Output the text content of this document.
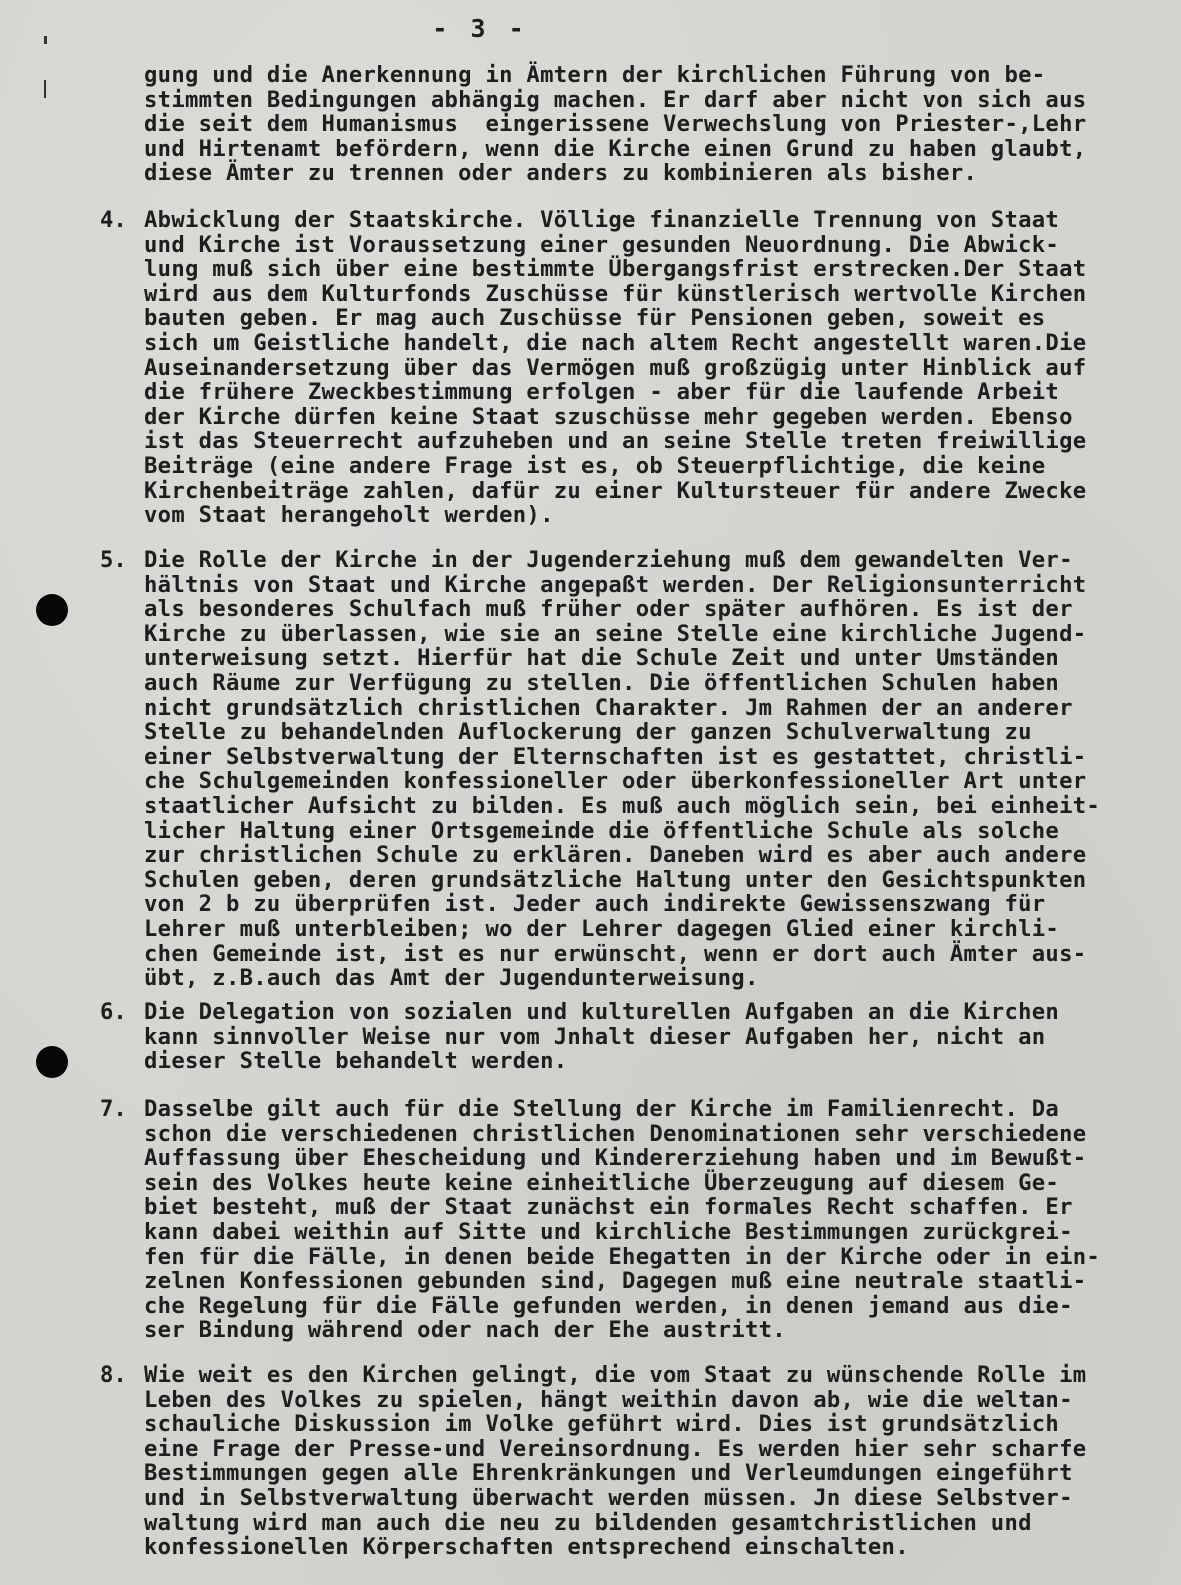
- 3 -
gung und die Anerkennung in Ämtern der kirchlichen Führung von be-
stimmten Bedingungen abhängig machen. Er darf aber nicht von sich aus
die seit dem Humanismus  eingerissene Verwechslung von Priester-,Lehr
und Hirtenamt befördern, wenn die Kirche einen Grund zu haben glaubt,
diese Ämter zu trennen oder anders zu kombinieren als bisher.
4. Abwicklung der Staatskirche. Völlige finanzielle Trennung von Staat
und Kirche ist Voraussetzung einer gesunden Neuordnung. Die Abwick-
lung muß sich über eine bestimmte Übergangsfrist erstrecken.Der Staat
wird aus dem Kulturfonds Zuschüsse für künstlerisch wertvolle Kirchen
bauten geben. Er mag auch Zuschüsse für Pensionen geben, soweit es
sich um Geistliche handelt, die nach altem Recht angestellt waren.Die
Auseinandersetzung über das Vermögen muß großzügig unter Hinblick auf
die frühere Zweckbestimmung erfolgen - aber für die laufende Arbeit
der Kirche dürfen keine Staat szuschüsse mehr gegeben werden. Ebenso
ist das Steuerrecht aufzuheben und an seine Stelle treten freiwillige
Beiträge (eine andere Frage ist es, ob Steuerpflichtige, die keine
Kirchenbeiträge zahlen, dafür zu einer Kultursteuer für andere Zwecke
vom Staat herangeholt werden).
5. Die Rolle der Kirche in der Jugenderziehung muß dem gewandelten Ver-
hältnis von Staat und Kirche angepaßt werden. Der Religionsunterricht
als besonderes Schulfach muß früher oder später aufhören. Es ist der
Kirche zu überlassen, wie sie an seine Stelle eine kirchliche Jugend-
unterweisung setzt. Hierfür hat die Schule Zeit und unter Umständen
auch Räume zur Verfügung zu stellen. Die öffentlichen Schulen haben
nicht grundsätzlich christlichen Charakter. Jm Rahmen der an anderer
Stelle zu behandelnden Auflockerung der ganzen Schulverwaltung zu
einer Selbstverwaltung der Elternschaften ist es gestattet, christli-
che Schulgemeinden konfessioneller oder überkonfessioneller Art unter
staatlicher Aufsicht zu bilden. Es muß auch möglich sein, bei einheit-
licher Haltung einer Ortsgemeinde die öffentliche Schule als solche
zur christlichen Schule zu erklären. Daneben wird es aber auch andere
Schulen geben, deren grundsätzliche Haltung unter den Gesichtspunkten
von 2 b zu überprüfen ist. Jeder auch indirekte Gewissenszwang für
Lehrer muß unterbleiben; wo der Lehrer dagegen Glied einer kirchli-
chen Gemeinde ist, ist es nur erwünscht, wenn er dort auch Ämter aus-
übt, z.B.auch das Amt der Jugendunterweisung.
6. Die Delegation von sozialen und kulturellen Aufgaben an die Kirchen
kann sinnvoller Weise nur vom Jnhalt dieser Aufgaben her, nicht an
dieser Stelle behandelt werden.
7. Dasselbe gilt auch für die Stellung der Kirche im Familienrecht. Da
schon die verschiedenen christlichen Denominationen sehr verschiedene
Auffassung über Ehescheidung und Kindererziehung haben und im Bewußt-
sein des Volkes heute keine einheitliche Überzeugung auf diesem Ge-
biet besteht, muß der Staat zunächst ein formales Recht schaffen. Er
kann dabei weithin auf Sitte und kirchliche Bestimmungen zurückgrei-
fen für die Fälle, in denen beide Ehegatten in der Kirche oder in ein-
zelnen Konfessionen gebunden sind, Dagegen muß eine neutrale staatli-
che Regelung für die Fälle gefunden werden, in denen jemand aus die-
ser Bindung während oder nach der Ehe austritt.
8. Wie weit es den Kirchen gelingt, die vom Staat zu wünschende Rolle im
Leben des Volkes zu spielen, hängt weithin davon ab, wie die weltan-
schauliche Diskussion im Volke geführt wird. Dies ist grundsätzlich
eine Frage der Presse-und Vereinsordnung. Es werden hier sehr scharfe
Bestimmungen gegen alle Ehrenkränkungen und Verleumdungen eingeführt
und in Selbstverwaltung überwacht werden müssen. Jn diese Selbstver-
waltung wird man auch die neu zu bildenden gesamtchristlichen und
konfessionellen Körperschaften entsprechend einschalten.
